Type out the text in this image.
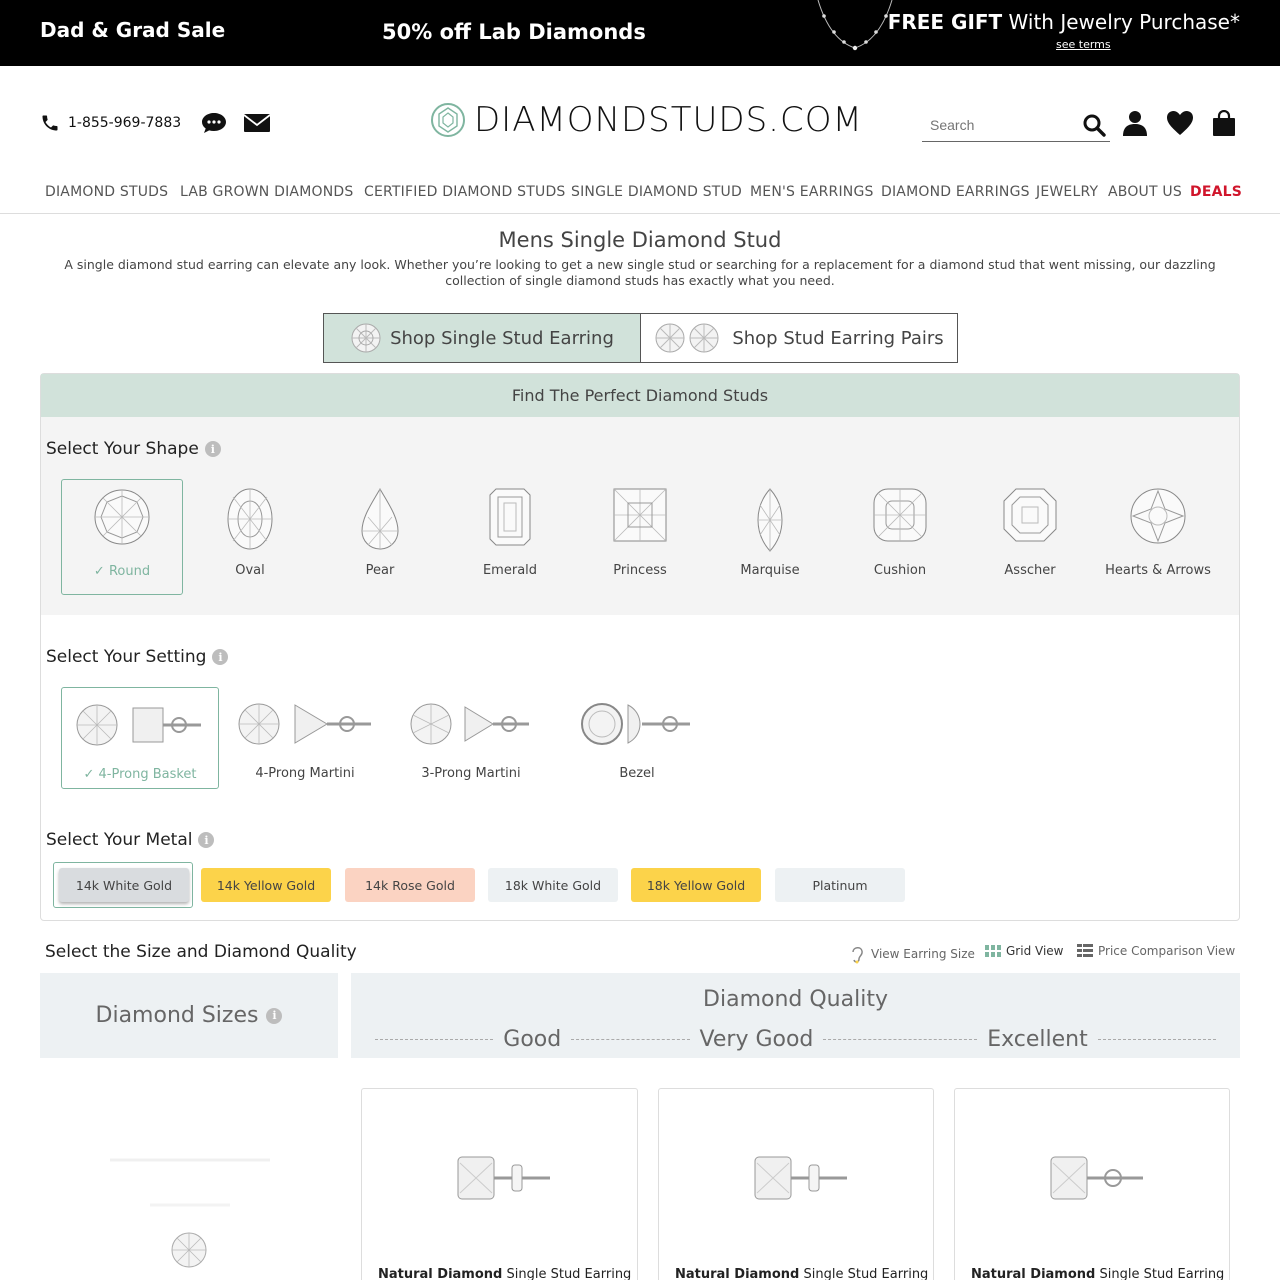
Dad & Grad Sale	50% off Lab Diamonds	FREE GIFT With Jewelry Purchase*
see terms
1-855-969-7883	DIAMONDSTUDS.COM
Search
DIAMOND STUDS LAB GROWN DIAMONDS CERTIFIED DIAMOND STUDS SINGLE DIAMOND STUD MEN'S EARRINGS DIAMOND EARRINGS JEWELRY ABOUT US DEALS
Mens Single Diamond Stud

A single diamond stud earring can elevate any look. Whether you’re looking to get a new single stud or searching for a replacement for a diamond stud that went missing, our dazzling collection of single diamond studs has exactly what you need.

Shop Single Stud Earring	Shop Stud Earring Pairs
Find The Perfect Diamond Studs
Select Your Shape	i
✓ Round	Oval	Pear	Emerald	Princess	Marquise	Cushion	Asscher	Hearts & Arrows
Select Your Setting	i
✓ 4-Prong Basket	4-Prong Martini	3-Prong Martini	Bezel
Select Your Metal	i
14k White Gold	14k Yellow Gold	14k Rose Gold	18k White Gold	18k Yellow Gold	Platinum
Select the Size and Diamond Quality	View Earring Size	Grid View	Price Comparison View
Diamond Sizes	i
Diamond Quality
Good	Very Good	Excellent
Natural Diamond Single Stud Earring	Natural Diamond Single Stud Earring	Natural Diamond Single Stud Earring
